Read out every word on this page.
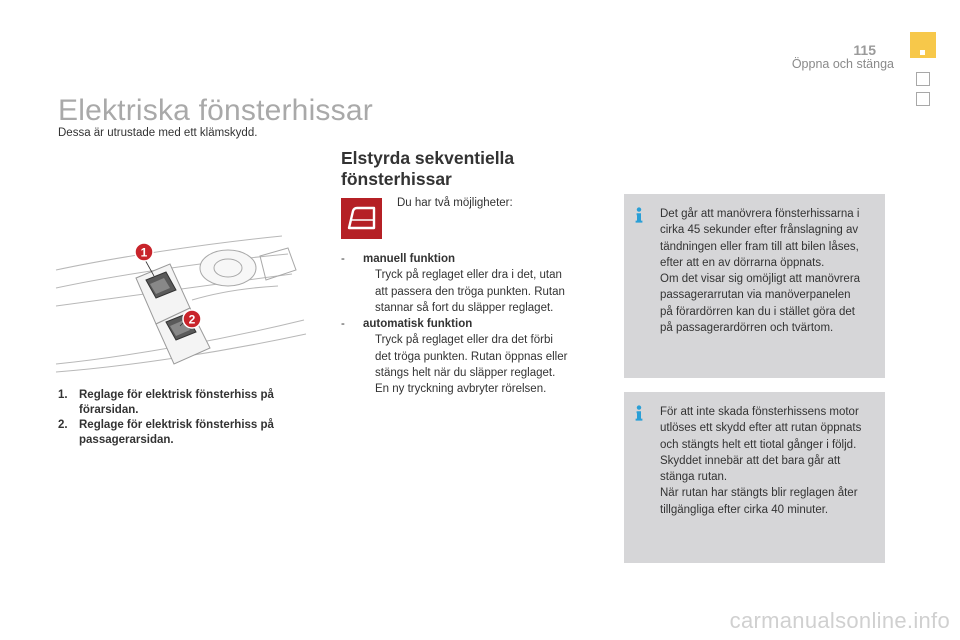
115
Öppna och stänga
Elektriska fönsterhissar
Dessa är utrustade med ett klämskydd.
1
2
1. Reglage för elektrisk fönsterhiss på förarsidan.
2. Reglage för elektrisk fönsterhiss på passagerarsidan.
Elstyrda sekventiella
fönsterhissar
Du har två möjligheter:
-	manuell funktion
Tryck på reglaget eller dra i det, utan
att passera den tröga punkten. Rutan
stannar så fort du släpper reglaget.
-	automatisk funktion
Tryck på reglaget eller dra det förbi
det tröga punkten. Rutan öppnas eller
stängs helt när du släpper reglaget.
En ny tryckning avbryter rörelsen.

Det går att manövrera fönsterhissarna i

cirka 45 sekunder efter frånslagning av

tändningen eller fram till att bilen låses,

efter att en av dörrarna öppnats.

Om det visar sig omöjligt att manövrera

passagerarrutan via manöverpanelen

på förardörren kan du i stället göra det

på passagerardörren och tvärtom.

För att inte skada fönsterhissens motor

utlöses ett skydd efter att rutan öppnats

och stängts helt ett tiotal gånger i följd.

Skyddet innebär att det bara går att

stänga rutan.

När rutan har stängts blir reglagen åter

tillgängliga efter cirka 40 minuter.

carmanualsonline.info
